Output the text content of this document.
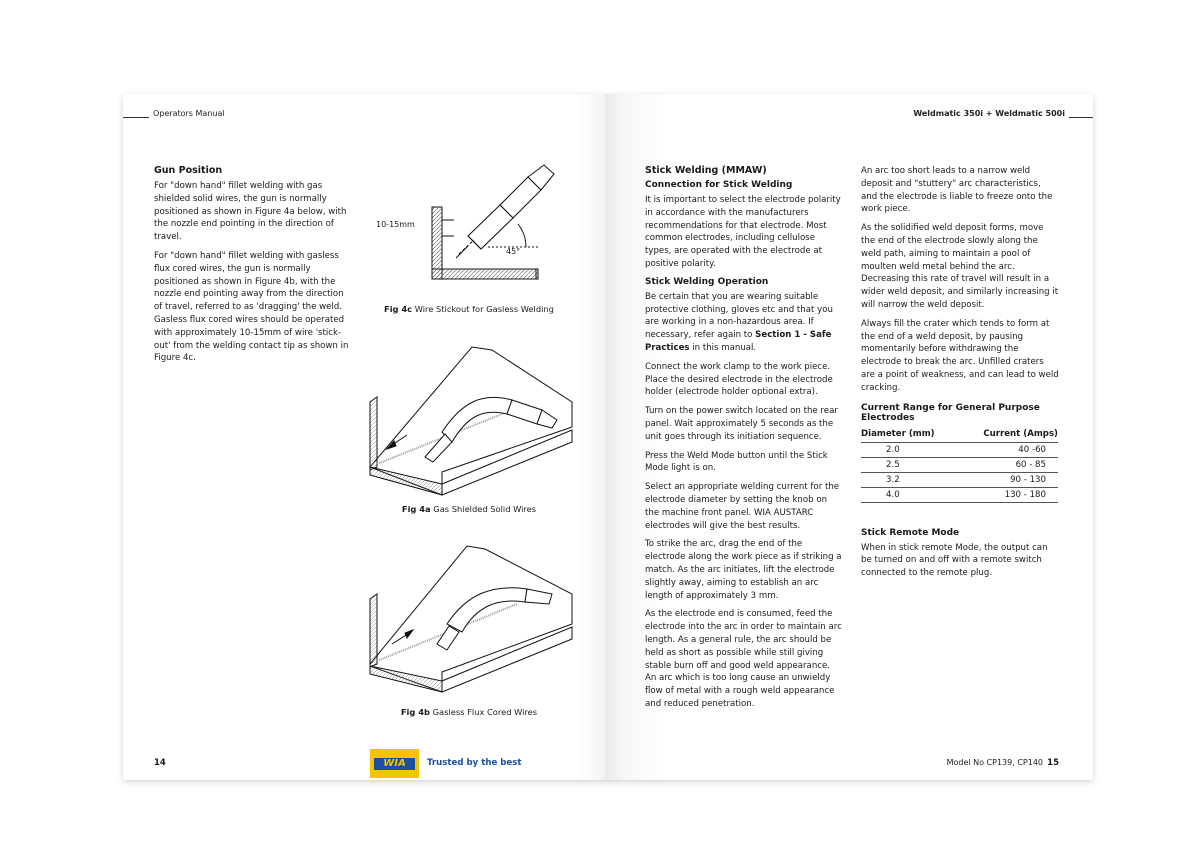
Operators Manual
Gun Position

For "down hand" fillet welding with gas shielded solid wires, the gun is normally positioned as shown in Figure 4a below, with the nozzle end pointing in the direction of travel.

For "down hand" fillet welding with gasless flux cored wires, the gun is normally positioned as shown in Figure 4b, with the nozzle end pointing away from the direction of travel, referred to as 'dragging' the weld. Gasless flux cored wires should be operated with approximately 10-15mm of wire 'stick-out' from the welding contact tip as shown in Figure 4c.

10-15mm
45°
Fig 4c Wire Stickout for Gasless Welding
Fig 4a Gas Shielded Solid Wires
Fig 4b Gasless Flux Cored Wires
14	WIA	Trusted by the best
Weldmatic 350i + Weldmatic 500i
Stick Welding (MMAW)
Connection for Stick Welding

It is important to select the electrode polarity in accordance with the manufacturers recommendations for that electrode. Most common electrodes, including cellulose types, are operated with the electrode at positive polarity.

Stick Welding Operation

Be certain that you are wearing suitable protective clothing, gloves etc and that you are working in a non-hazardous area. If necessary, refer again to Section 1 - Safe Practices in this manual.

Connect the work clamp to the work piece. Place the desired electrode in the electrode holder (electrode holder optional extra).

Turn on the power switch located on the rear panel. Wait approximately 5 seconds as the unit goes through its initiation sequence.

Press the Weld Mode button until the Stick Mode light is on.

Select an appropriate welding current for the electrode diameter by setting the knob on the machine front panel. WIA AUSTARC electrodes will give the best results.

To strike the arc, drag the end of the electrode along the work piece as if striking a match. As the arc initiates, lift the electrode slightly away, aiming to establish an arc length of approximately 3 mm.

As the electrode end is consumed, feed the electrode into the arc in order to maintain arc length. As a general rule, the arc should be held as short as possible while still giving stable burn off and good weld appearance. An arc which is too long cause an unwieldy flow of metal with a rough weld appearance and reduced penetration.

An arc too short leads to a narrow weld deposit and "stuttery" arc characteristics, and the electrode is liable to freeze onto the work piece.

As the solidified weld deposit forms, move the end of the electrode slowly along the weld path, aiming to maintain a pool of moulten weld metal behind the arc. Decreasing this rate of travel will result in a wider weld deposit, and similarly increasing it will narrow the weld deposit.

Always fill the crater which tends to form at the end of a weld deposit, by pausing momentarily before withdrawing the electrode to break the arc. Unfilled craters are a point of weakness, and can lead to weld cracking.

Current Range for General Purpose Electrodes
Diameter (mm)	Current (Amps)
2.0	40 -60
2.5	60 - 85
3.2	90 - 130
4.0	130 - 180
Stick Remote Mode

When in stick remote Mode, the output can be turned on and off with a remote switch connected to the remote plug.

Model No CP139, CP140 15
